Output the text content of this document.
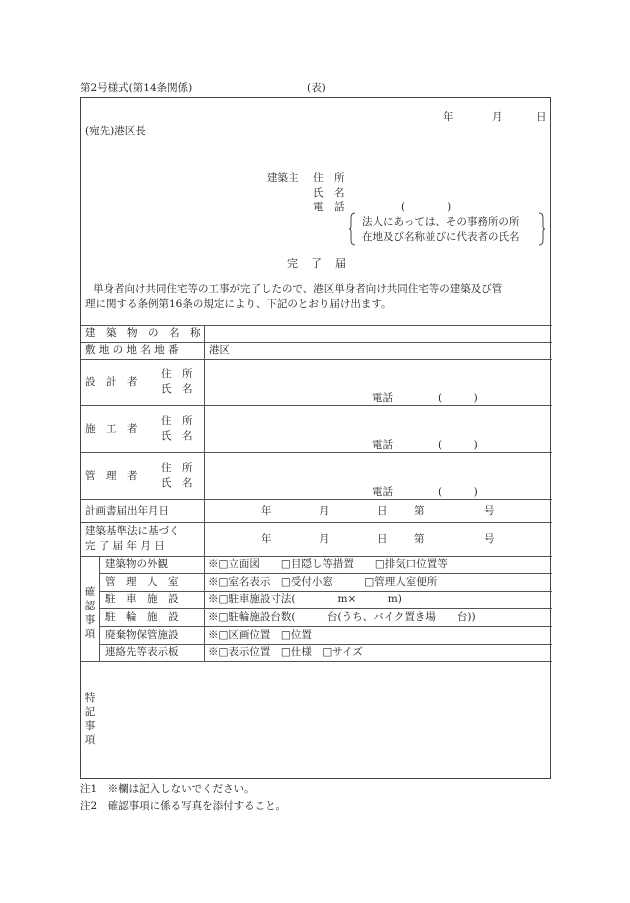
第2号様式(第14条関係)	(表)
年	月	日
(宛先)港区長
建築主 住　所
氏　名
電　話	(　　　　)
法人にあっては、その事務所の所
在地及び名称並びに代表者の氏名
完　了　届
単身者向け共同住宅等の工事が完了したので、港区単身者向け共同住宅等の建築及び管
理に関する条例第16条の規定により、下記のとおり届け出ます。
建　築　物　の　名　称
敷 地 の 地 名 地 番	港区
設　計　者
住　所
氏　名
電話	(　　　)
施　工　者
住　所
氏　名
電話	(　　　)
管　理　者
住　所
氏　名
電話	(　　　)
計画書届出年月日	年	月	日	第	号
建築基準法に基づく
完 了 届 年 月 日
年	月	日	第	号
確認事項
建築物の外観	※□立面図　　□目隠し等措置　　□排気口位置等
管　理　人　室	※□室名表示　□受付小窓　　　□管理人室便所
駐　車　施　設	※□駐車施設寸法(　　　　m×　　　m)
駐　輪　施　設	※□駐輪施設台数(　　　台(うち、バイク置き場　　台))
廃棄物保管施設	※□区画位置　□位置
連絡先等表示板	※□表示位置　□仕様　□サイズ
特記事項
注1　※欄は記入しないでください。
注2　確認事項に係る写真を添付すること。
